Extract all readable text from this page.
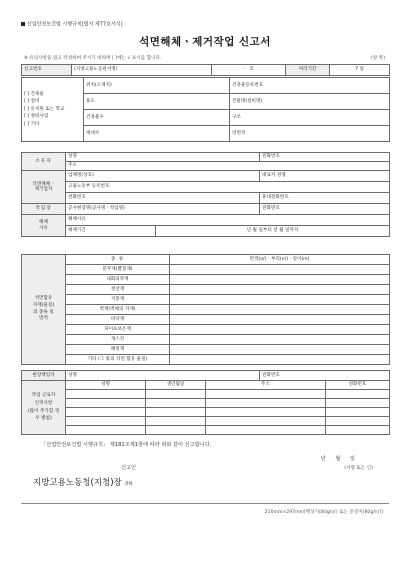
산업안전보건법 시행규칙[별지 제77호서식]
석면해체ㆍ제거작업 신고서
※ 유의사항을 읽고 작성하여 주시기 바라며 [ ]에는 √ 표시를 합니다.	(앞 쪽)
신고번호	(지방고용노동관서명)	- 호	처리기간	7 일
[ ] 건축물
[ ] 설비
[ ] 유치원 또는 학교
[ ] 정비사업
[ ] 기타	위치(소재지)	건축물등록번호
	용도	건물명(설비명)
	건축물수	구조
	세대수	연면적
소유자	성명		전화번호
	주소		

석면해체ㆍ
제거업자	업체명(상호)		대표자 성명
	고용노동부 등록번호		
	전화번호		휴대전화번호
작업장	공사현장명(공사명ㆍ작업명)		전화번호

해체
사유	해체사유		
	해체기간	년 월 일부터 년 월 일까지	
석면함유
자재(물질)
의 종류 및
면적	종 류	면적(㎡)ㆍ부피(㎥)ㆍ길이(m)
	분무재(뿜칠재)	
	내화피복재	
	천장재	
	지붕재	
	벽재(벽체의 자재)	
	바닥재	
	파이프보온재	
	개스킷	
	패킹재	
	기타 (그 밖의 석면 함유 물질)	
현장책임자	성명	전화번호
작업 근로자
인적사항
(많이 추가할 경
우 별첨)	성명	생년월일	주소	전화번호

「산업안전보건법 시행규칙」 제181조제1항에 따라 위와 같이 신고합니다.
년 월 일
신고인	(서명 또는 인)
지방고용노동청(지청)장 귀하
210mm×297mm[백상지(80g/㎡) 또는 중질지(80g/㎡)]
